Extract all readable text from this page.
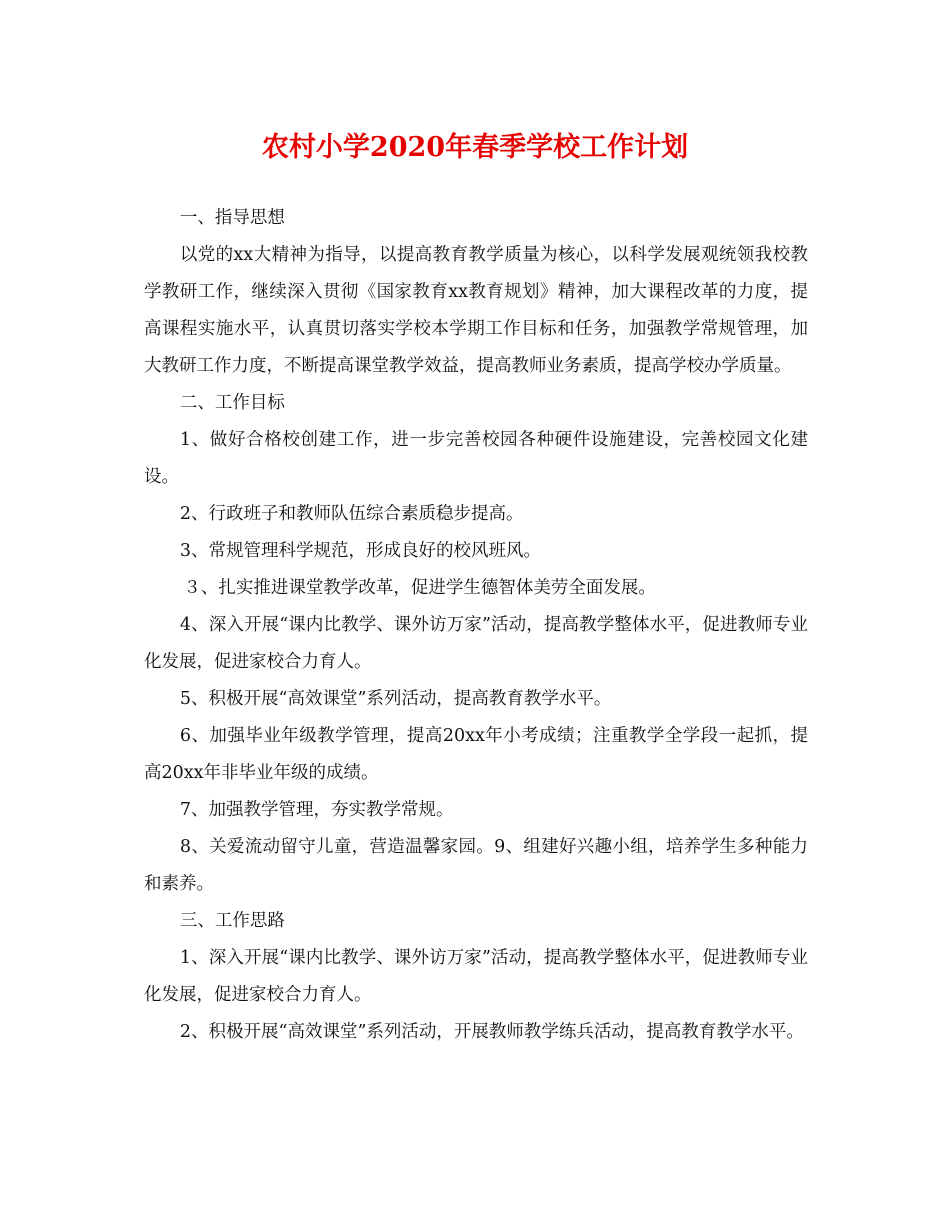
农村小学2020年春季学校工作计划

一、指导思想

以党的xx大精神为指导，以提高教育教学质量为核心，以科学发展观统领我校教学教研工作，继续深入贯彻《国家教育xx教育规划》精神，加大课程改革的力度，提高课程实施水平，认真贯切落实学校本学期工作目标和任务，加强教学常规管理，加大教研工作力度，不断提高课堂教学效益，提高教师业务素质，提高学校办学质量。

二、工作目标

1、做好合格校创建工作，进一步完善校园各种硬件设施建设，完善校园文化建设。

2、行政班子和教师队伍综合素质稳步提高。

3、常规管理科学规范，形成良好的校风班风。

３、扎实推进课堂教学改革，促进学生德智体美劳全面发展。

4、深入开展“课内比教学、课外访万家”活动，提高教学整体水平，促进教师专业化发展，促进家校合力育人。

5、积极开展“高效课堂”系列活动，提高教育教学水平。

6、加强毕业年级教学管理，提高20xx年小考成绩；注重教学全学段一起抓，提高20xx年非毕业年级的成绩。

7、加强教学管理，夯实教学常规。

8、关爱流动留守儿童，营造温馨家园。9、组建好兴趣小组，培养学生多种能力和素养。

三、工作思路

1、深入开展“课内比教学、课外访万家”活动，提高教学整体水平，促进教师专业化发展，促进家校合力育人。

2、积极开展“高效课堂”系列活动，开展教师教学练兵活动，提高教育教学水平。
